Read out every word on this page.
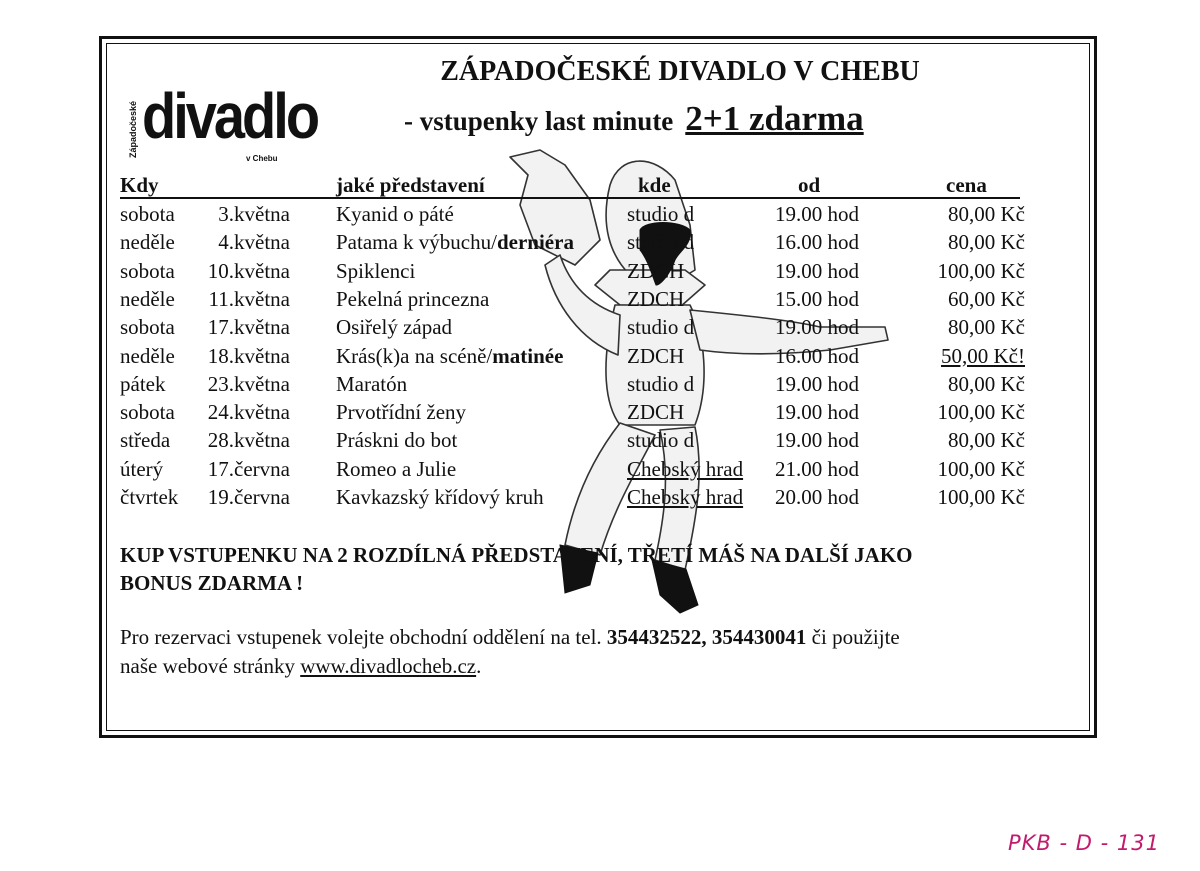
Západočeské divadlo
v Chebu
ZÁPADOČESKÉ DIVADLO V CHEBU
- vstupenky last minute 2+1 zdarma
Kdy	jaké představení	kde	od	cena
sobota	3.května Kyanid o páté	studio d	19.00 hod	80,00 Kč
neděle	4.května Patama k výbuchu/derniéra	studio d	16.00 hod	80,00 Kč
sobota	10.května Spiklenci	ZDCH	19.00 hod	100,00 Kč
neděle	11.května Pekelná princezna	ZDCH	15.00 hod	60,00 Kč
sobota	17.května Osiřelý západ	studio d	19.00 hod	80,00 Kč
neděle	18.května Krás(k)a na scéně/matinée	ZDCH	16.00 hod	50,00 Kč!
pátek	23.května Maratón	studio d	19.00 hod	80,00 Kč
sobota	24.května Prvotřídní ženy	ZDCH	19.00 hod	100,00 Kč
středa	28.května Práskni do bot	studio d	19.00 hod	80,00 Kč
úterý	17.června Romeo a Julie	Chebský hrad 21.00 hod	100,00 Kč
čtvrtek	19.června Kavkazský křídový kruh	Chebský hrad 20.00 hod	100,00 Kč

KUP VSTUPENKU NA 2 ROZDÍLNÁ PŘEDSTAVENÍ, TŘETÍ MÁŠ NA DALŠÍ JAKO
BONUS ZDARMA !

Pro rezervaci vstupenek volejte obchodní oddělení na tel. 354432522, 354430041 či použijte
naše webové stránky www.divadlocheb.cz.

PKB - D - 131
